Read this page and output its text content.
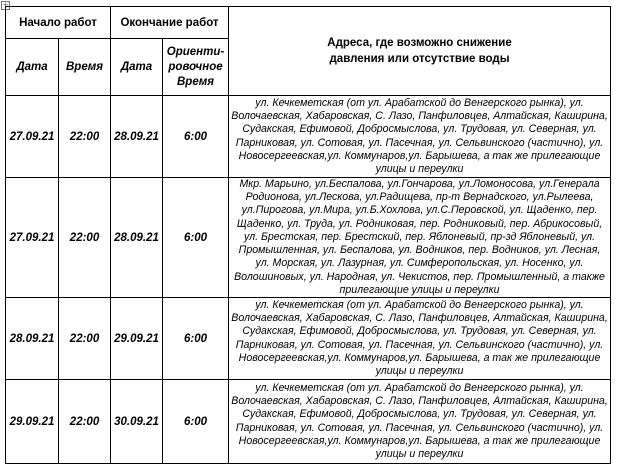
+
Начало работ		Окончание работ		Адреса, где возможно снижение давления или отсутствие воды

Дата	Время	Дата	Ориенти-ровочное Время	
27.09.21	22:00	28.09.21	6:00	ул. Кечкеметская (от ул. Арабатской до Венгерского рынка), ул. Волочаевская, Хабаровская, С. Лазо, Панфиловцев, Алтайская, Каширина, Судакская, Ефимовой, Добросмыслова, ул. Трудовая, ул. Северная, ул. Парниковая, ул. Сотовая, ул. Пасечная, ул. Сельвинского (частично), ул. Новосергеевская,ул. Коммунаров,ул. Барышева, а так же прилегающие улицы и переулки
27.09.21	22:00	28.09.21	6:00	Мкр. Марьино, ул.Беспалова, ул.Гончарова, ул.Ломоносова, ул.Генерала Родионова, ул.Лескова, ул.Радищева, пр-т Вернадского, ул.Рылеева, ул.Пирогова, ул.Мира, ул.Б.Хохлова, ул.С.Перовской, ул. Щаденко, пер. Щаденко, ул. Труда, ул. Родниковая, пер. Родниковый, пер. Абрикосовый, ул. Брестская, пер. Брестский, пер. Яблоневый, пр-зд Яблоневый, ул. Промышленная, ул. Беспалова, ул. Водников, пер. Водников, ул. Лесная, ул. Морская, ул. Лазурная, ул. Симферопольская, ул. Носенко, ул. Волошиновых, ул. Народная, ул. Чекистов, пер. Промышленный, а также прилегающие улицы и переулки
28.09.21	22:00	29.09.21	6:00	ул. Кечкеметская (от ул. Арабатской до Венгерского рынка), ул. Волочаевская, Хабаровская, С. Лазо, Панфиловцев, Алтайская, Каширина, Судакская, Ефимовой, Добросмыслова, ул. Трудовая, ул. Северная, ул. Парниковая, ул. Сотовая, ул. Пасечная, ул. Сельвинского (частично), ул. Новосергеевская,ул. Коммунаров,ул. Барышева, а так же прилегающие улицы и переулки
29.09.21	22:00	30.09.21	6:00	ул. Кечкеметская (от ул. Арабатской до Венгерского рынка), ул. Волочаевская, Хабаровская, С. Лазо, Панфиловцев, Алтайская, Каширина, Судакская, Ефимовой, Добросмыслова, ул. Трудовая, ул. Северная, ул. Парниковая, ул. Сотовая, ул. Пасечная, ул. Сельвинского (частично), ул. Новосергеевская,ул. Коммунаров,ул. Барышева, а так же прилегающие улицы и переулки
